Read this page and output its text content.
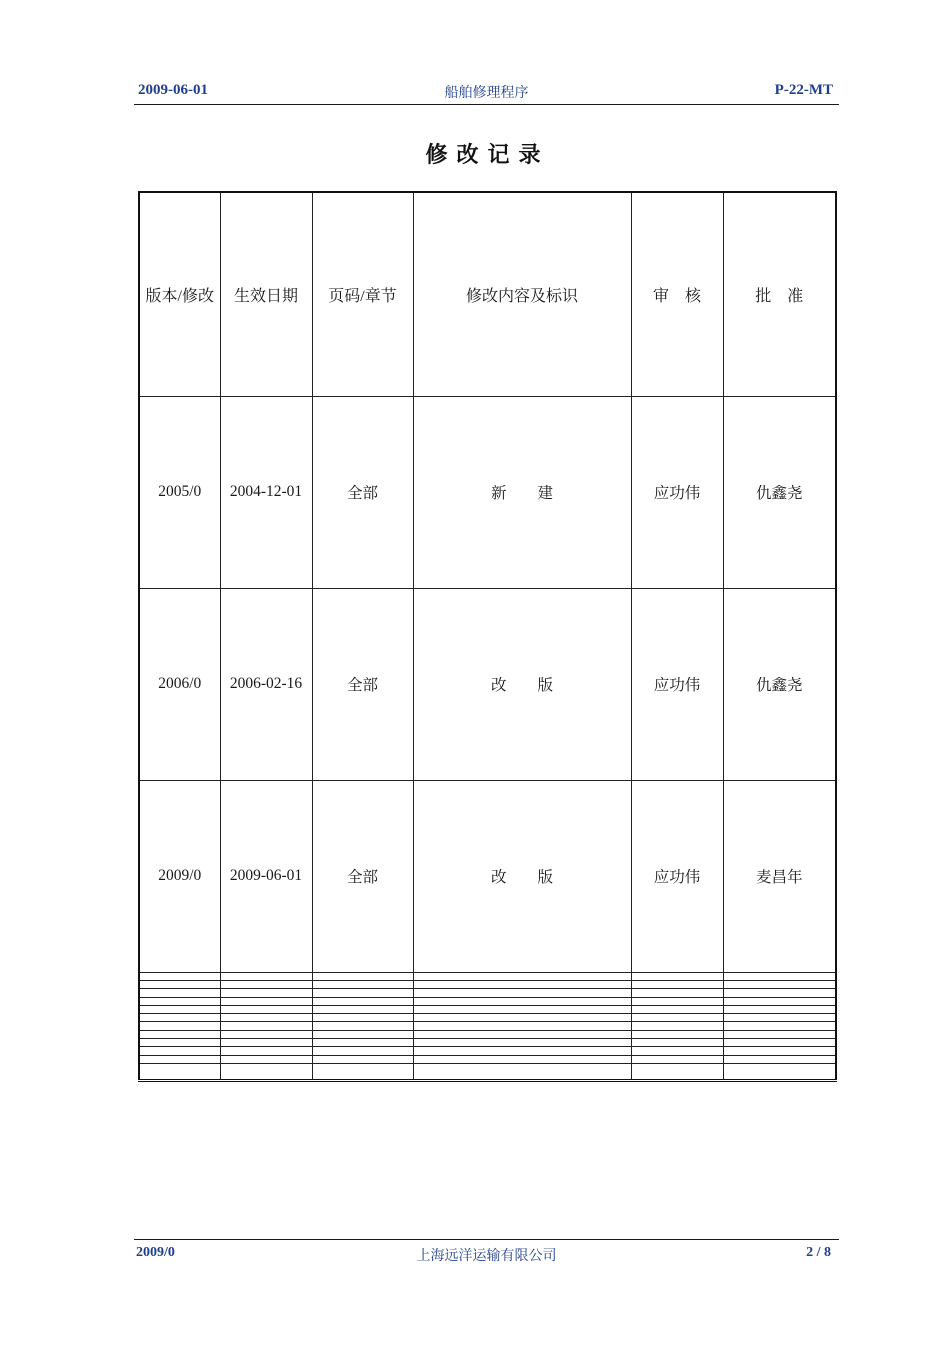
2009-06-01	船舶修理程序	P-22-MT
修改记录
版本/修改	生效日期	页码/章节	修改内容及标识	审　核	批　准
2005/0	2004-12-01	全部	新　　建	应功伟	仇鑫尧
2006/0	2006-02-16	全部	改　　版	应功伟	仇鑫尧
2009/0	2009-06-01	全部	改　　版	应功伟	麦昌年

2009/0	上海远洋运输有限公司	2 / 8
